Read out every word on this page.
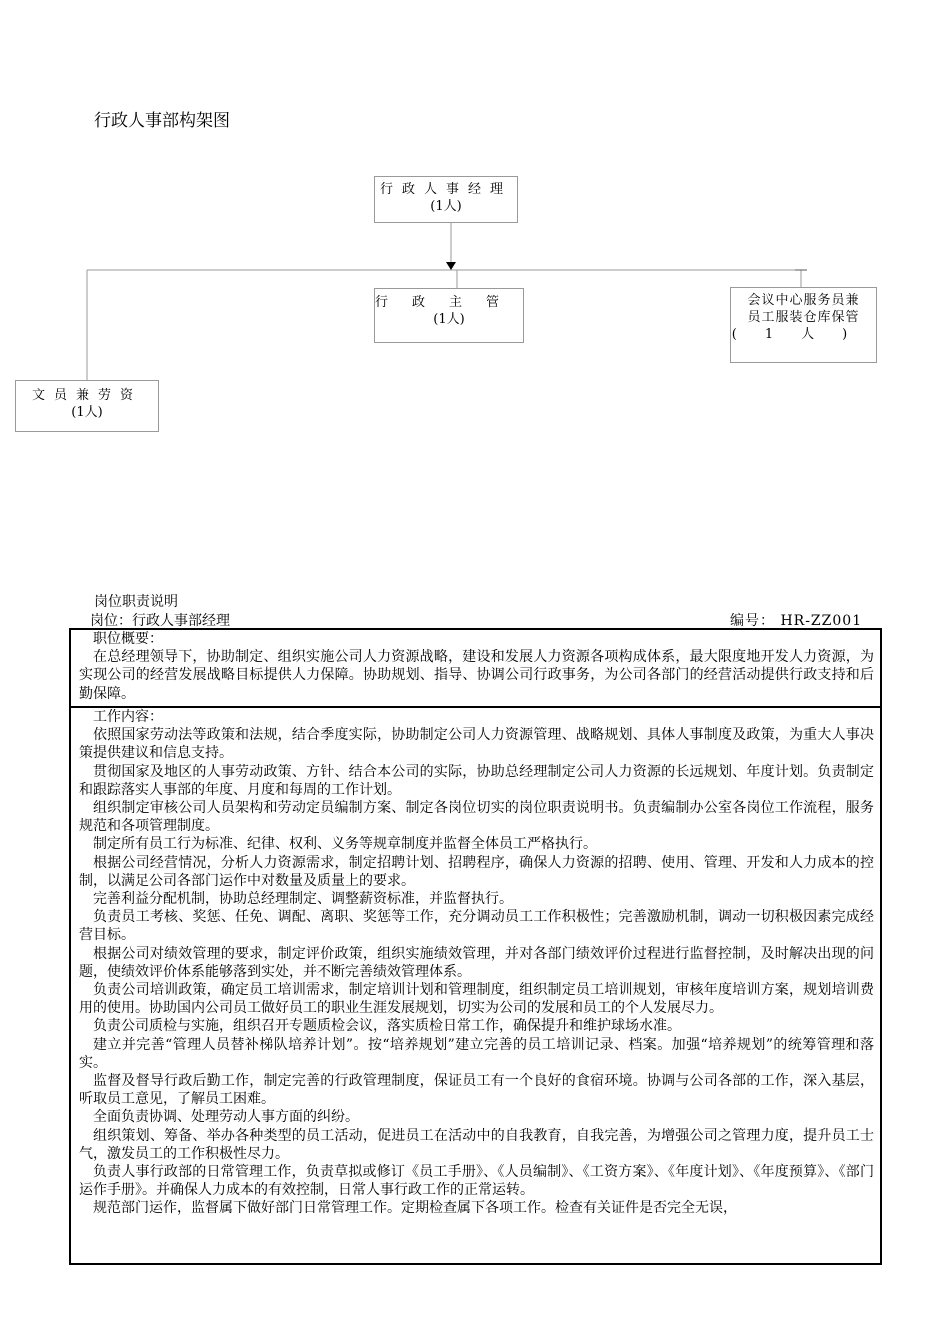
行政人事部构架图
行政人事经理
(1人)
行政主管
(1人)
会议中心服务员兼
员工服装仓库保管
(1人)
文员兼劳资
(1人)
岗位职责说明
岗位：行政人事部经理	编号： HR-ZZ001
职位概要：

在总经理领导下，协助制定、组织实施公司人力资源战略，建设和发展人力资源各项构成体系，最大限度地开发人力资源，为实现公司的经营发展战略目标提供人力保障。协助规划、指导、协调公司行政事务，为公司各部门的经营活动提供行政支持和后勤保障。

工作内容：

依照国家劳动法等政策和法规，结合季度实际，协助制定公司人力资源管理、战略规划、具体人事制度及政策，为重大人事决策提供建议和信息支持。

贯彻国家及地区的人事劳动政策、方针、结合本公司的实际，协助总经理制定公司人力资源的长远规划、年度计划。负责制定和跟踪落实人事部的年度、月度和每周的工作计划。

组织制定审核公司人员架构和劳动定员编制方案、制定各岗位切实的岗位职责说明书。负责编制办公室各岗位工作流程，服务规范和各项管理制度。

制定所有员工行为标准、纪律、权利、义务等规章制度并监督全体员工严格执行。

根据公司经营情况，分析人力资源需求，制定招聘计划、招聘程序，确保人力资源的招聘、使用、管理、开发和人力成本的控制，以满足公司各部门运作中对数量及质量上的要求。

完善利益分配机制，协助总经理制定、调整薪资标准，并监督执行。

负责员工考核、奖惩、任免、调配、离职、奖惩等工作，充分调动员工工作积极性；完善激励机制，调动一切积极因素完成经营目标。

根据公司对绩效管理的要求，制定评价政策，组织实施绩效管理，并对各部门绩效评价过程进行监督控制，及时解决出现的问题，使绩效评价体系能够落到实处，并不断完善绩效管理体系。

负责公司培训政策，确定员工培训需求，制定培训计划和管理制度，组织制定员工培训规划，审核年度培训方案，规划培训费用的使用。协助国内公司员工做好员工的职业生涯发展规划，切实为公司的发展和员工的个人发展尽力。

负责公司质检与实施，组织召开专题质检会议，落实质检日常工作，确保提升和维护球场水准。

建立并完善“管理人员替补梯队培养计划”。按“培养规划”建立完善的员工培训记录、档案。加强“培养规划”的统筹管理和落实。

监督及督导行政后勤工作，制定完善的行政管理制度，保证员工有一个良好的食宿环境。协调与公司各部的工作，深入基层，听取员工意见，了解员工困难。

全面负责协调、处理劳动人事方面的纠纷。

组织策划、筹备、举办各种类型的员工活动，促进员工在活动中的自我教育，自我完善，为增强公司之管理力度，提升员工士气，激发员工的工作积极性尽力。

负责人事行政部的日常管理工作，负责草拟或修订《员工手册》、《人员编制》、《工资方案》、《年度计划》、《年度预算》、《部门运作手册》。并确保人力成本的有效控制，日常人事行政工作的正常运转。

规范部门运作，监督属下做好部门日常管理工作。定期检查属下各项工作。检查有关证件是否完全无误，
